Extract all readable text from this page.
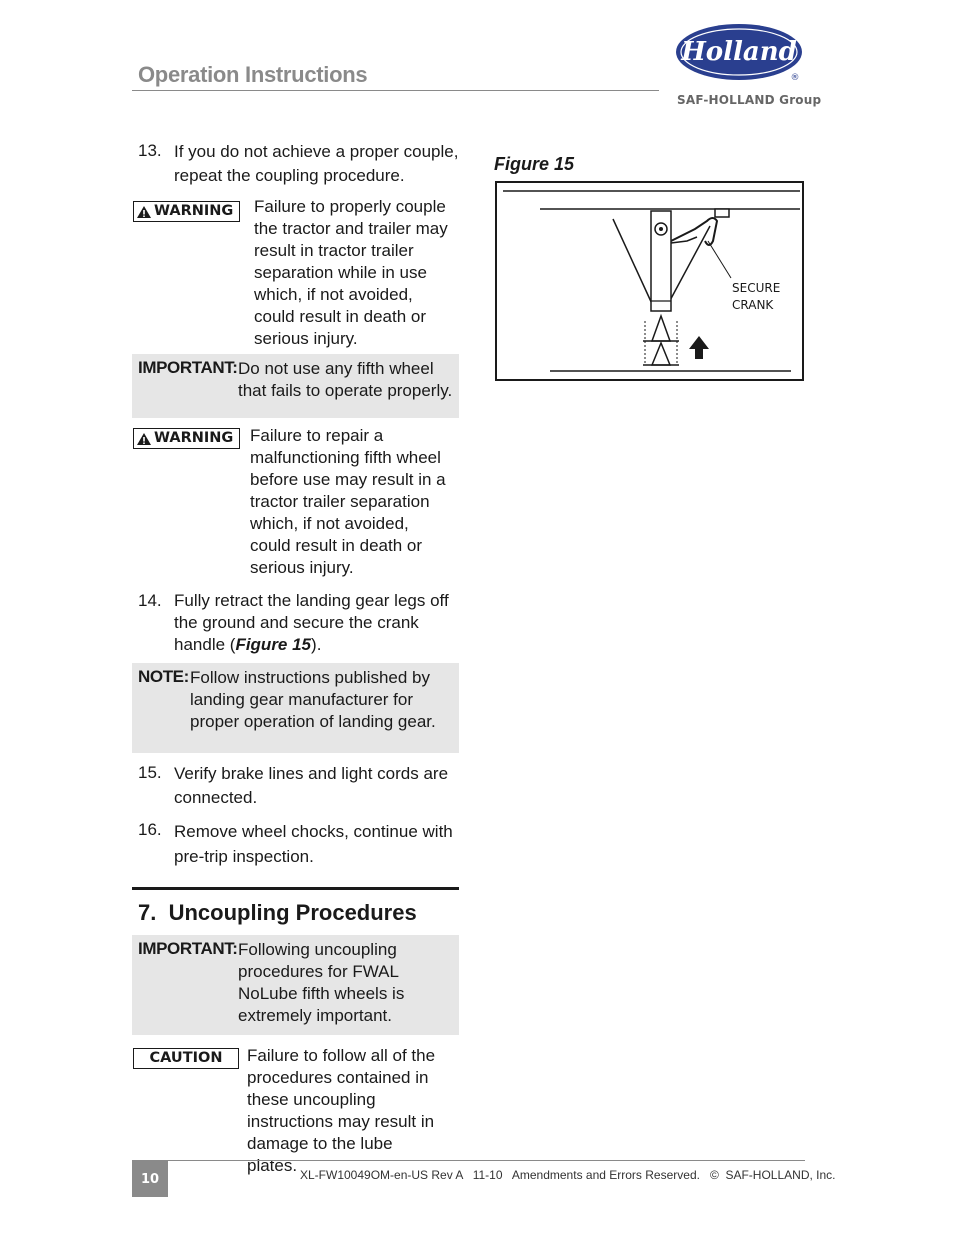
Operation Instructions
Holland
®
SAF-HOLLAND Group
13. If you do not achieve a proper couple, repeat the coupling procedure.
WARNING Failure to properly couple the tractor and trailer may result in tractor trailer separation while in use which, if not avoided, could result in death or serious injury.
IMPORTANT: Do not use any fifth wheel that fails to operate properly.
WARNING Failure to repair a malfunctioning fifth wheel before use may result in a tractor trailer separation which, if not avoided, could result in death or serious injury.
14. Fully retract the landing gear legs off the ground and secure the crank handle (Figure 15).
NOTE: Follow instructions published by landing gear manufacturer for proper operation of landing gear.
15. Verify brake lines and light cords are connected.
16. Remove wheel chocks, continue with pre-trip inspection.
7.  Uncoupling Procedures
IMPORTANT: Following uncoupling procedures for FWAL NoLube fifth wheels is extremely important.
CAUTION Failure to follow all of the procedures contained in these uncoupling instructions may result in damage to the lube plates.
Figure 15
SECURE
CRANK
10	XL-FW10049OM-en-US Rev A   11-10   Amendments and Errors Reserved.   ©  SAF-HOLLAND, Inc.
